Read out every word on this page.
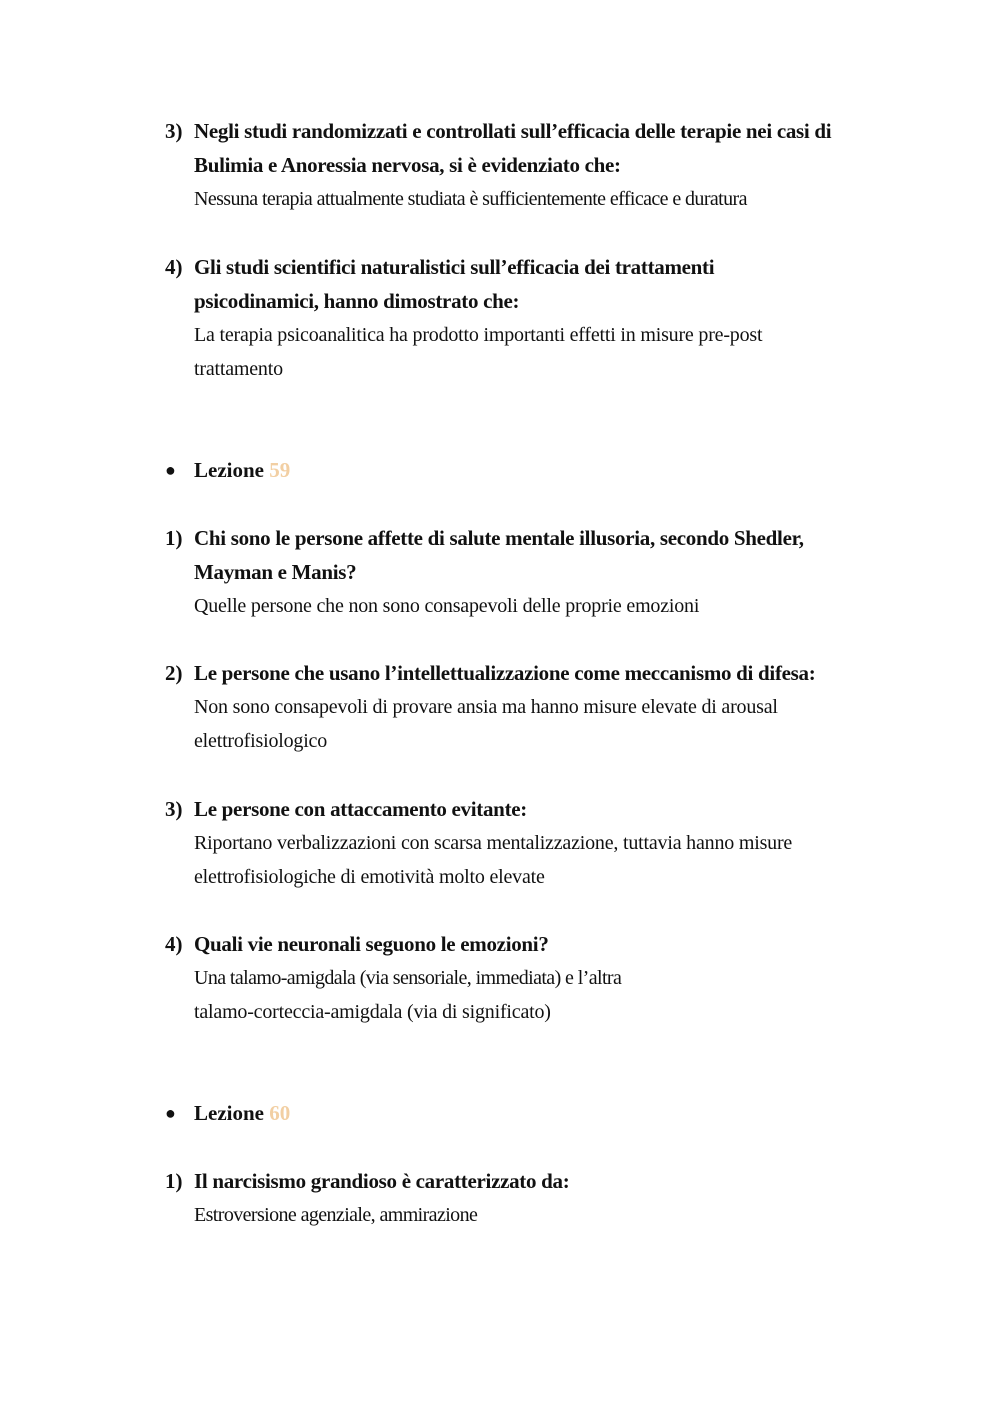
3) Negli studi randomizzati e controllati sull’efficacia delle terapie nei casi di Bulimia e Anoressia nervosa, si è evidenziato che:
Nessuna terapia attualmente studiata è sufficientemente efficace e duratura
4) Gli studi scientifici naturalistici sull’efficacia dei trattamenti psicodinamici, hanno dimostrato che:
La terapia psicoanalitica ha prodotto importanti effetti in misure pre-post trattamento
● Lezione 59
1) Chi sono le persone affette di salute mentale illusoria, secondo Shedler, Mayman e Manis?
Quelle persone che non sono consapevoli delle proprie emozioni
2) Le persone che usano l’intellettualizzazione come meccanismo di difesa:
Non sono consapevoli di provare ansia ma hanno misure elevate di arousal elettrofisiologico
3) Le persone con attaccamento evitante:
Riportano verbalizzazioni con scarsa mentalizzazione, tuttavia hanno misure elettrofisiologiche di emotività molto elevate
4) Quali vie neuronali seguono le emozioni?
Una talamo-amigdala (via sensoriale, immediata) e l’altra
talamo-corteccia-amigdala (via di significato)
● Lezione 60
1) Il narcisismo grandioso è caratterizzato da:
Estroversione agenziale, ammirazione
